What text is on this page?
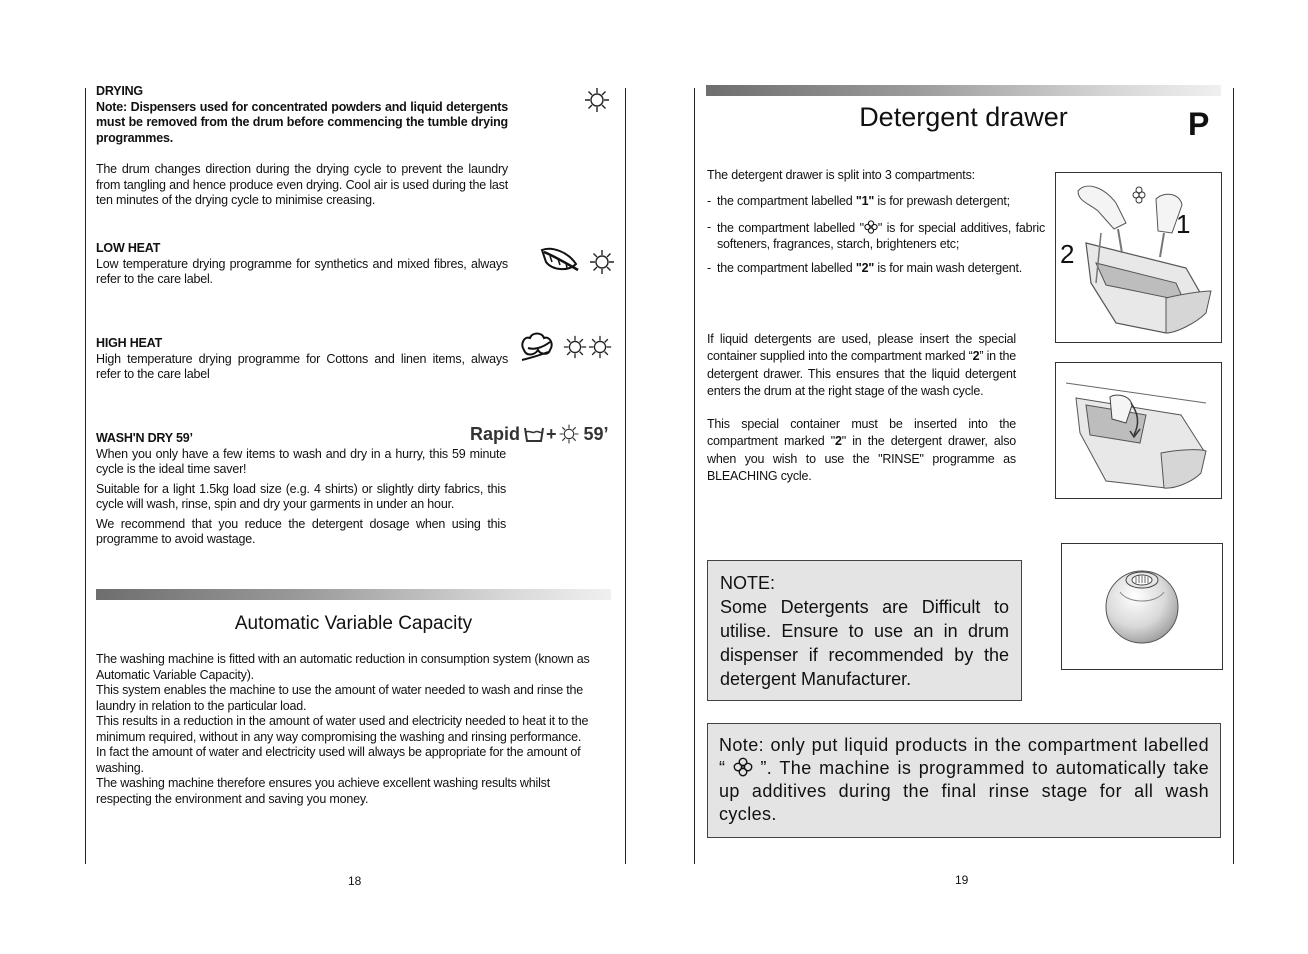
DRYING
Note: Dispensers used for concentrated powders and liquid detergents must be removed from the drum before commencing the tumble drying programmes.
The drum changes direction during the drying cycle to prevent the laundry from tangling and hence produce even drying. Cool air is used during the last ten minutes of the drying cycle to minimise creasing.
LOW HEAT
Low temperature drying programme for synthetics and mixed fibres, always refer to the care label.
HIGH HEAT
High temperature drying programme for Cottons and linen items, always refer to the care label
Rapid + 59’
WASH'N DRY 59’
When you only have a few items to wash and dry in a hurry, this 59 minute cycle is the ideal time saver!
Suitable for a light 1.5kg load size (e.g. 4 shirts) or slightly dirty fabrics, this cycle will wash, rinse, spin and dry your garments in under an hour.
We recommend that you reduce the detergent dosage when using this programme to avoid wastage.
Automatic Variable Capacity
The washing machine is fitted with an automatic reduction in consumption system (known as Automatic Variable Capacity).
This system enables the machine to use the amount of water needed to wash and rinse the laundry in relation to the particular load.
This results in a reduction in the amount of water used and electricity needed to heat it to the minimum required, without in any way compromising the washing and rinsing performance.
In fact the amount of water and electricity used will always be appropriate for the amount of washing.
The washing machine therefore ensures you achieve excellent washing results whilst respecting the environment and saving you money.
18
Detergent drawer	P
The detergent drawer is split into 3 compartments:
- the compartment labelled "1" is for prewash detergent;
- the compartment labelled " " is for special additives, fabric softeners, fragrances, starch, brighteners etc;
- the compartment labelled "2" is for main wash detergent.
1
2
If liquid detergents are used, please insert the special container supplied into the compartment marked “2” in the detergent drawer. This ensures that the liquid detergent enters the drum at the right stage of the wash cycle.
This special container must be inserted into the compartment marked "2" in the detergent drawer, also when you wish to use the "RINSE" programme as BLEACHING cycle.
NOTE:
Some Detergents are Difficult to utilise. Ensure to use an in drum dispenser if recommended by the detergent Manufacturer.
Note: only put liquid products in the compartment labelled “  ”. The machine is programmed to automatically take up additives during the final rinse stage for all wash cycles.
19
